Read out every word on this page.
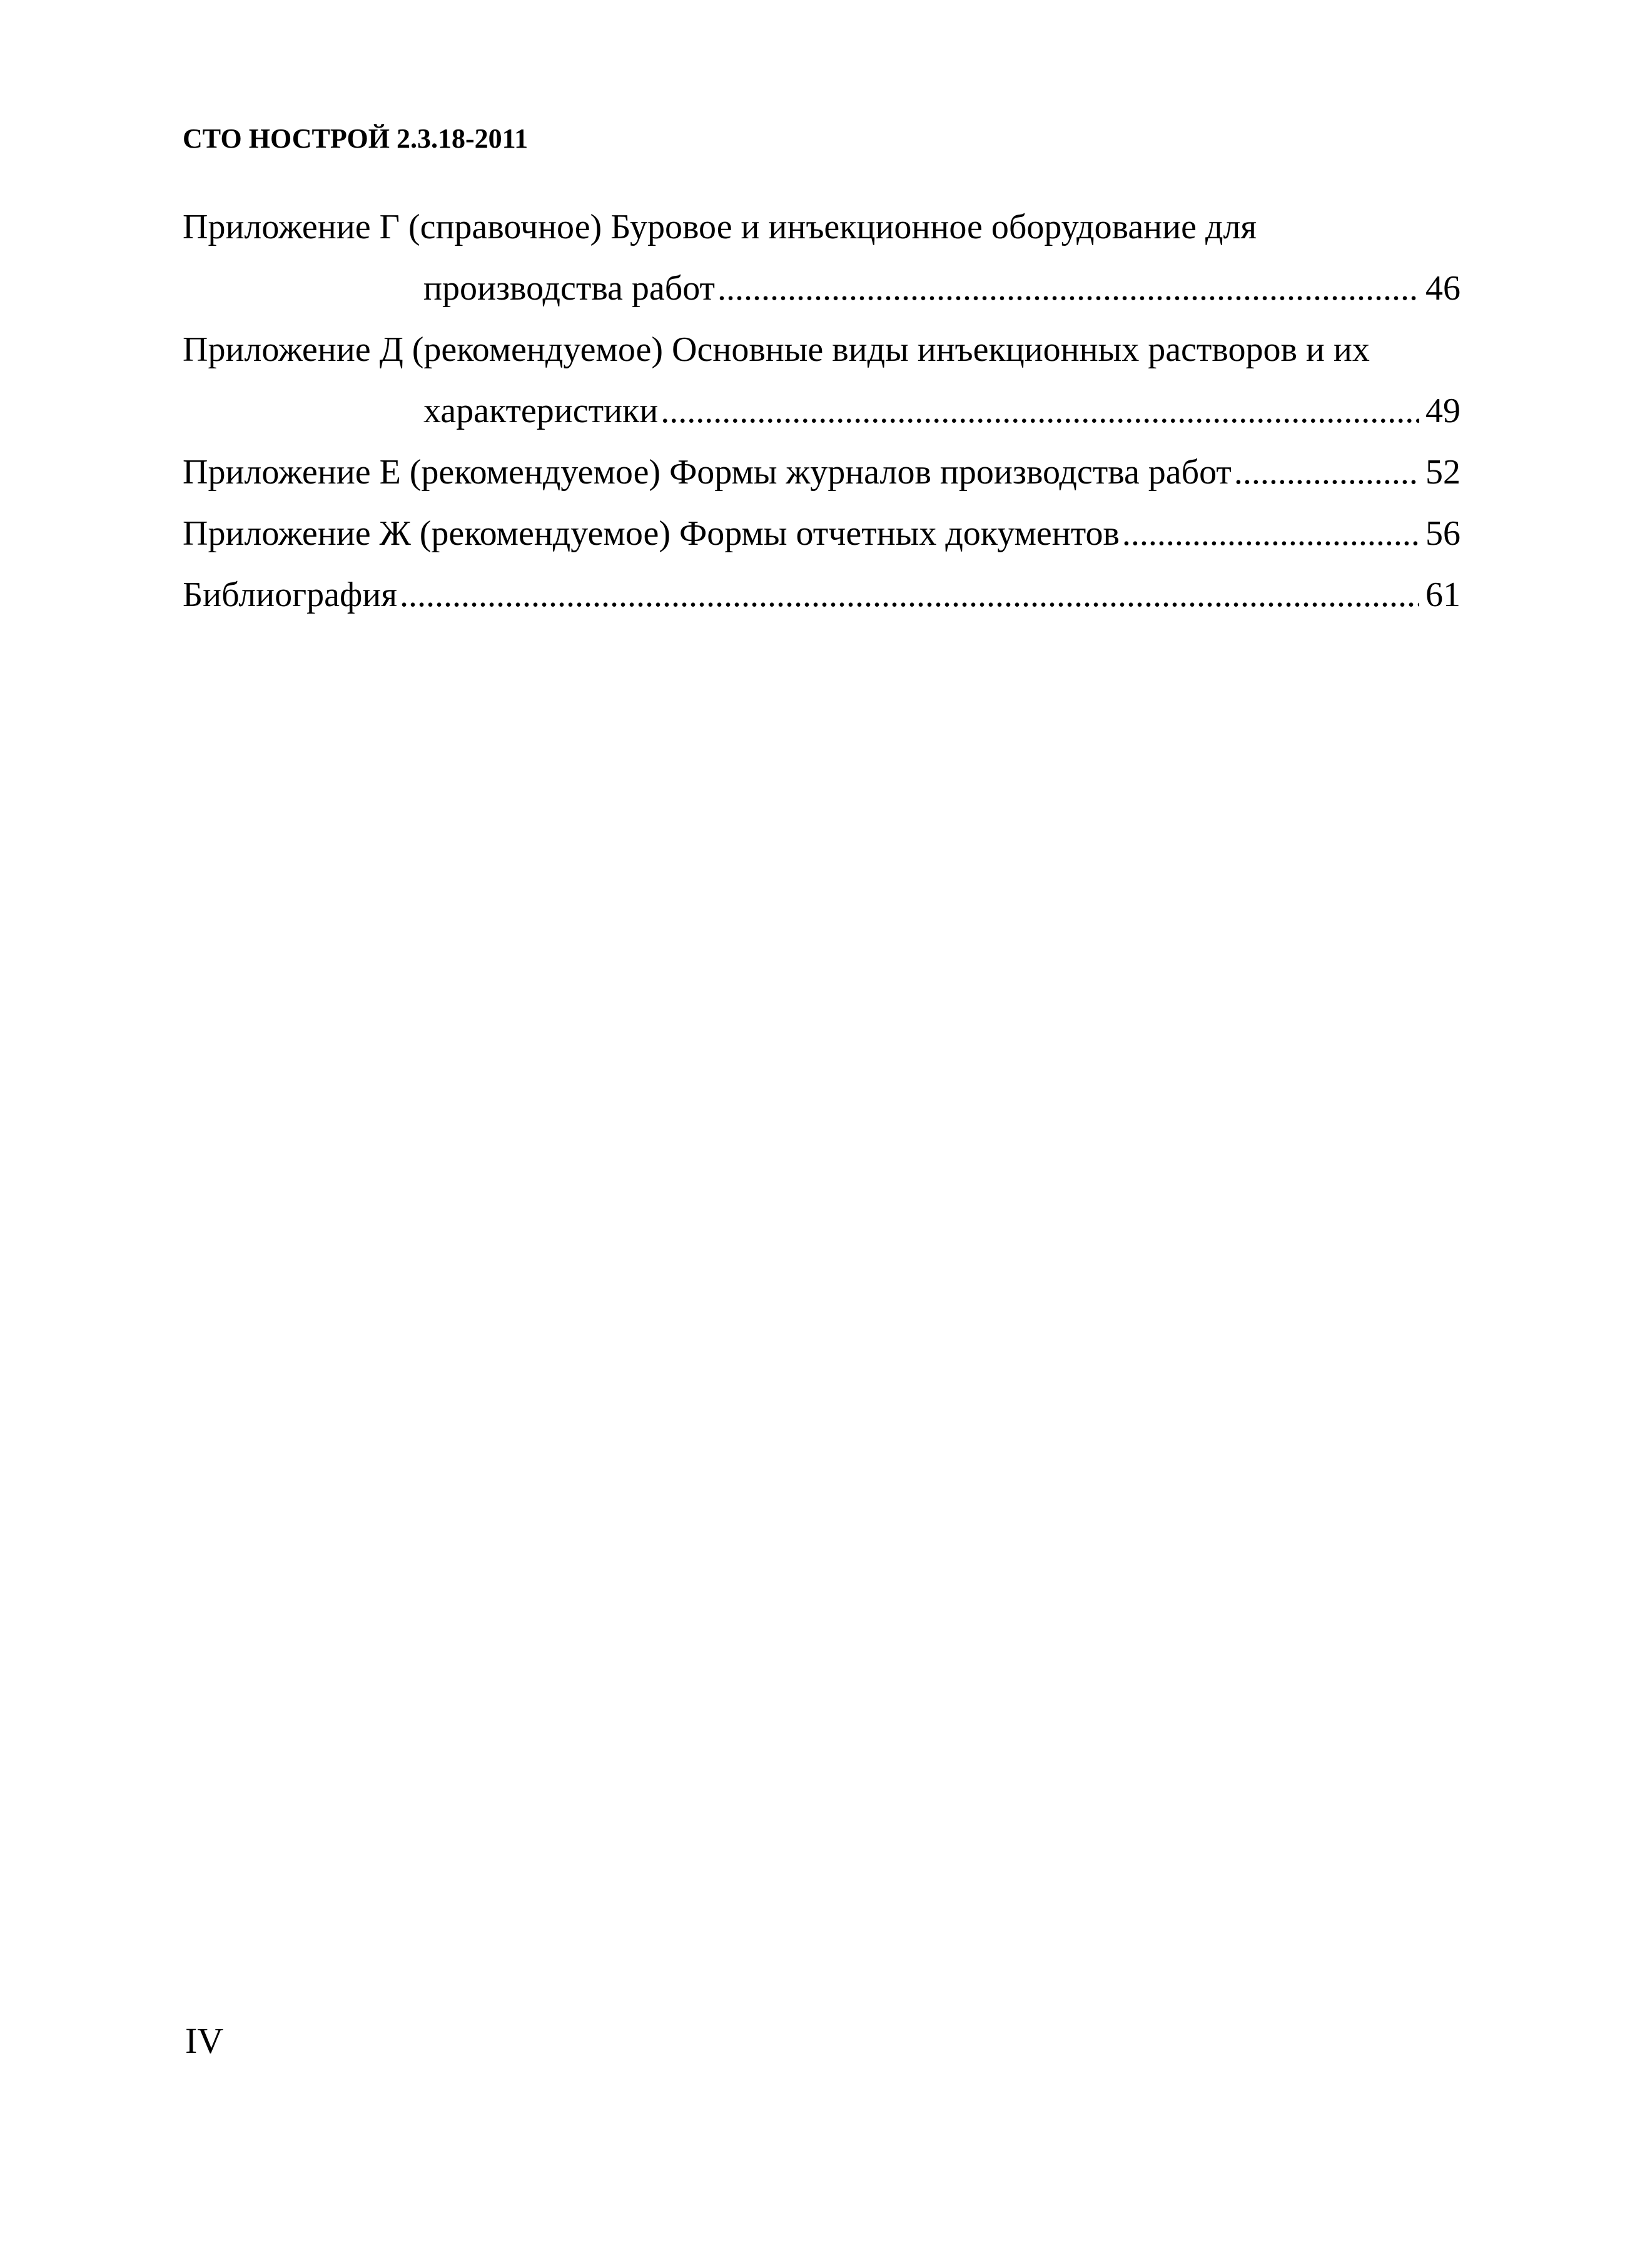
СТО НОСТРОЙ 2.3.18-2011
Приложение Г (справочное) Буровое и инъекционное оборудование для
производства работ .....	46
Приложение Д (рекомендуемое) Основные виды инъекционных растворов и их
характеристики .....	49
Приложение Е (рекомендуемое) Формы журналов производства работ .....	52
Приложение Ж (рекомендуемое) Формы отчетных документов .....	56
Библиография .....	61
IV
